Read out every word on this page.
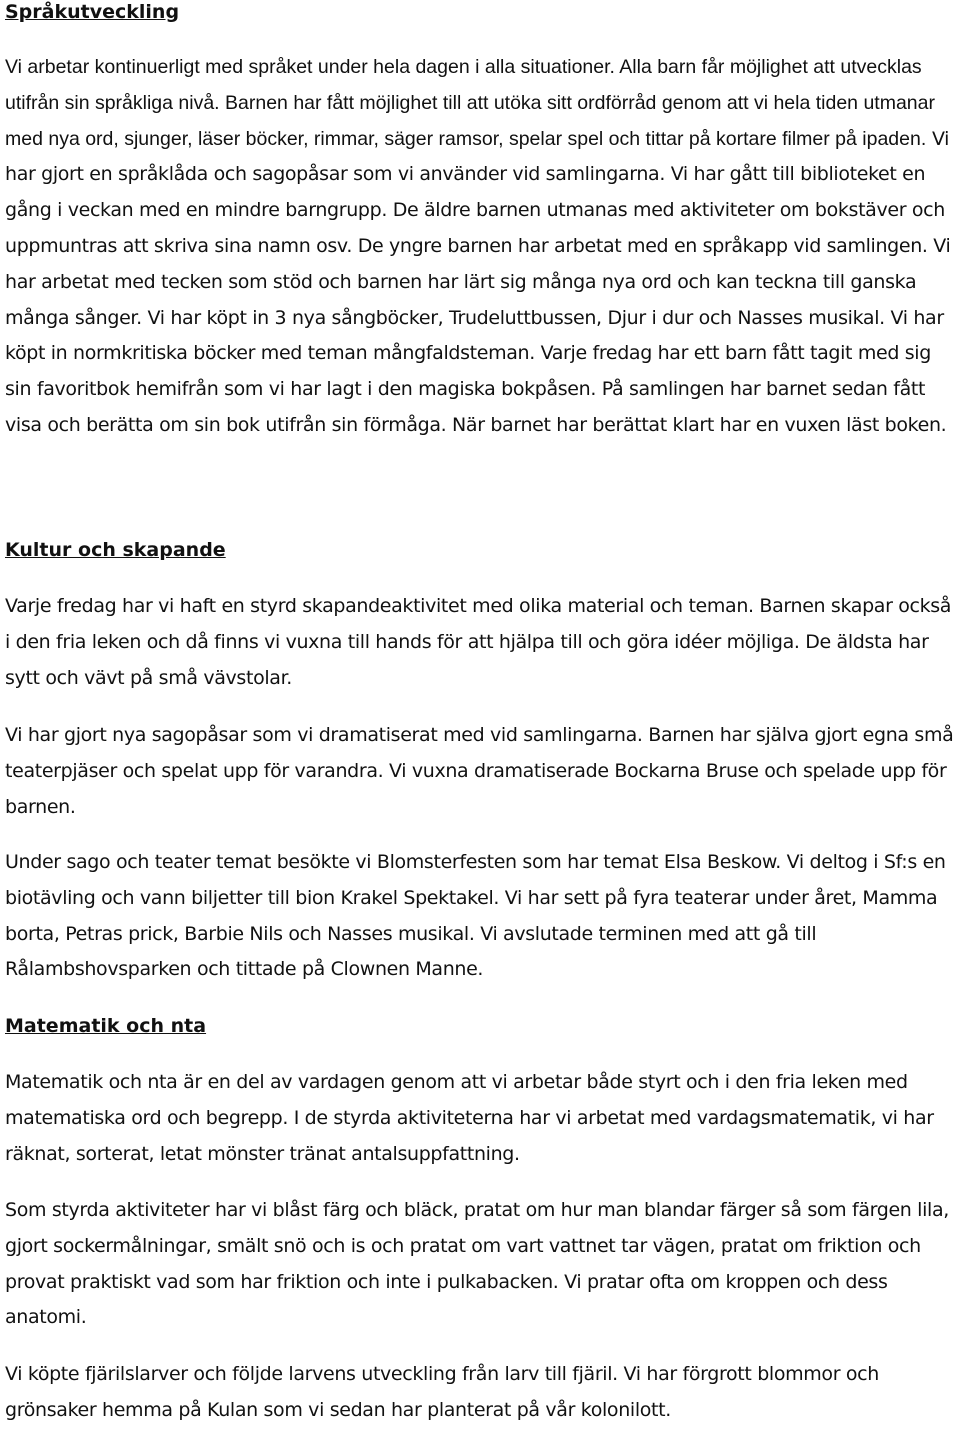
Språkutveckling

Vi arbetar kontinuerligt med språket under hela dagen i alla situationer. Alla barn får möjlighet att utvecklas utifrån sin språkliga nivå. Barnen har fått möjlighet till att utöka sitt ordförråd genom att vi hela tiden utmanar med nya ord, sjunger, läser böcker, rimmar, säger ramsor, spelar spel och tittar på kortare filmer på ipaden. Vi har gjort en språklåda och sagopåsar som vi använder vid samlingarna. Vi har gått till biblioteket en gång i veckan med en mindre barngrupp. De äldre barnen utmanas med aktiviteter om bokstäver och uppmuntras att skriva sina namn osv. De yngre barnen har arbetat med en språkapp vid samlingen. Vi har arbetat med tecken som stöd och barnen har lärt sig många nya ord och kan teckna till ganska många sånger. Vi har köpt in 3 nya sångböcker, Trudeluttbussen, Djur i dur och Nasses musikal. Vi har köpt in normkritiska böcker med teman mångfaldsteman. Varje fredag har ett barn fått tagit med sig sin favoritbok hemifrån som vi har lagt i den magiska bokpåsen. På samlingen har barnet sedan fått visa och berätta om sin bok utifrån sin förmåga. När barnet har berättat klart har en vuxen läst boken.

Kultur och skapande

Varje fredag har vi haft en styrd skapandeaktivitet med olika material och teman. Barnen skapar också i den fria leken och då finns vi vuxna till hands för att hjälpa till och göra idéer möjliga. De äldsta har sytt och vävt på små vävstolar.

Vi har gjort nya sagopåsar som vi dramatiserat med vid samlingarna. Barnen har själva gjort egna små teaterpjäser och spelat upp för varandra. Vi vuxna dramatiserade Bockarna Bruse och spelade upp för barnen.

Under sago och teater temat besökte vi Blomsterfesten som har temat Elsa Beskow. Vi deltog i Sf:s en biotävling och vann biljetter till bion Krakel Spektakel. Vi har sett på fyra teaterar under året, Mamma borta, Petras prick, Barbie Nils och Nasses musikal. Vi avslutade terminen med att gå till Rålambshovsparken och tittade på Clownen Manne.

Matematik och nta

Matematik och nta är en del av vardagen genom att vi arbetar både styrt och i den fria leken med matematiska ord och begrepp. I de styrda aktiviteterna har vi arbetat med vardagsmatematik, vi har räknat, sorterat, letat mönster tränat antalsuppfattning.

Som styrda aktiviteter har vi blåst färg och bläck, pratat om hur man blandar färger så som färgen lila, gjort sockermålningar, smält snö och is och pratat om vart vattnet tar vägen, pratat om friktion och provat praktiskt vad som har friktion och inte i pulkabacken. Vi pratar ofta om kroppen och dess anatomi.

Vi köpte fjärilslarver och följde larvens utveckling från larv till fjäril. Vi har förgrott blommor och grönsaker hemma på Kulan som vi sedan har planterat på vår kolonilott.
